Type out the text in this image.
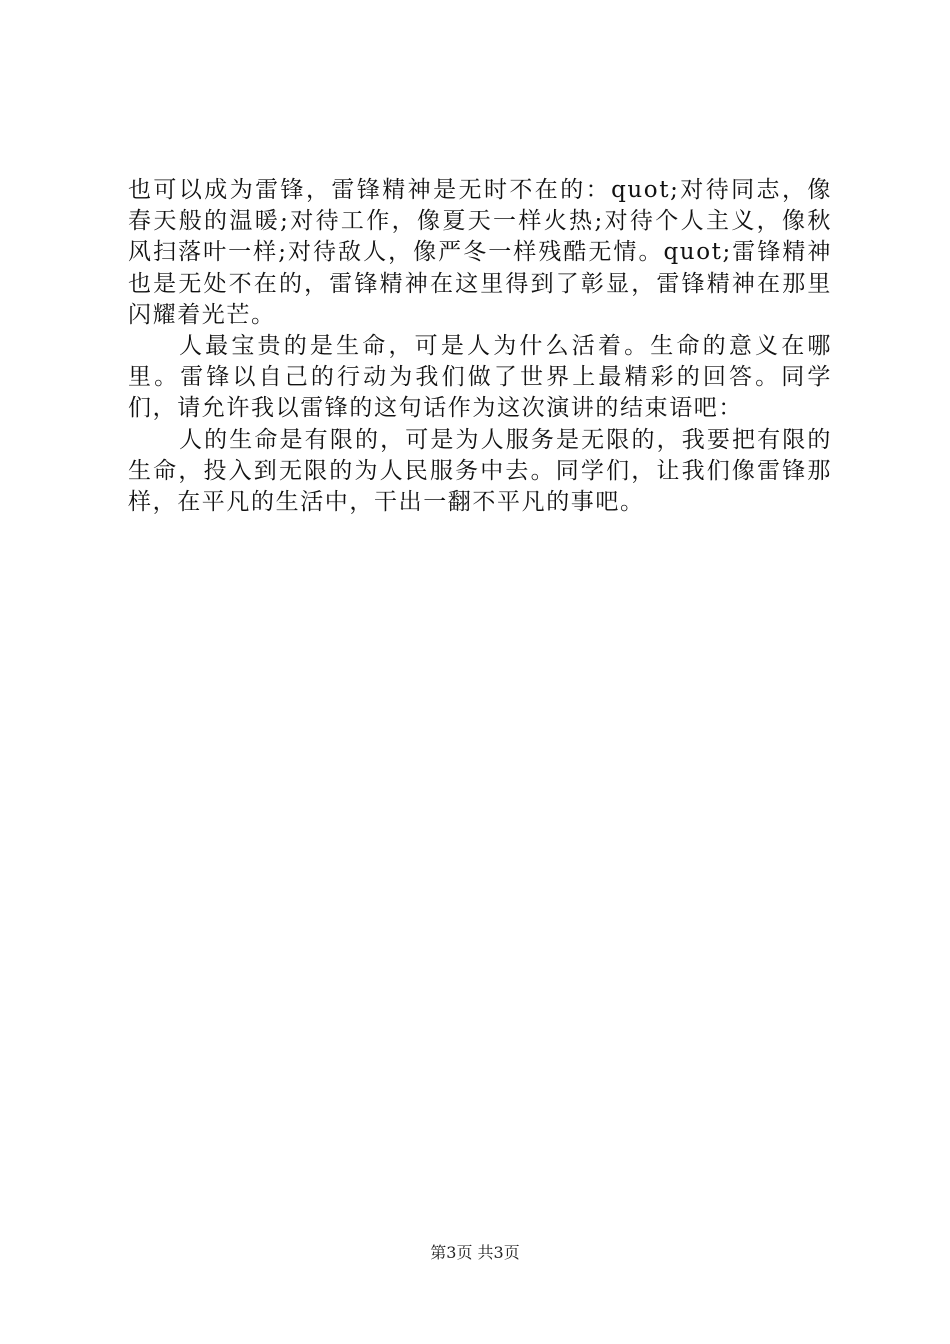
也可以成为雷锋，雷锋精神是无时不在的：quot;对待同志，像春天般的温暖;对待工作，像夏天一样火热;对待个人主义，像秋风扫落叶一样;对待敌人，像严冬一样残酷无情。quot;雷锋精神也是无处不在的，雷锋精神在这里得到了彰显，雷锋精神在那里闪耀着光芒。

人最宝贵的是生命，可是人为什么活着。生命的意义在哪里。雷锋以自己的行动为我们做了世界上最精彩的回答。同学们，请允许我以雷锋的这句话作为这次演讲的结束语吧：

人的生命是有限的，可是为人服务是无限的，我要把有限的生命，投入到无限的为人民服务中去。同学们，让我们像雷锋那样，在平凡的生活中，干出一翻不平凡的事吧。

第3页 共3页
